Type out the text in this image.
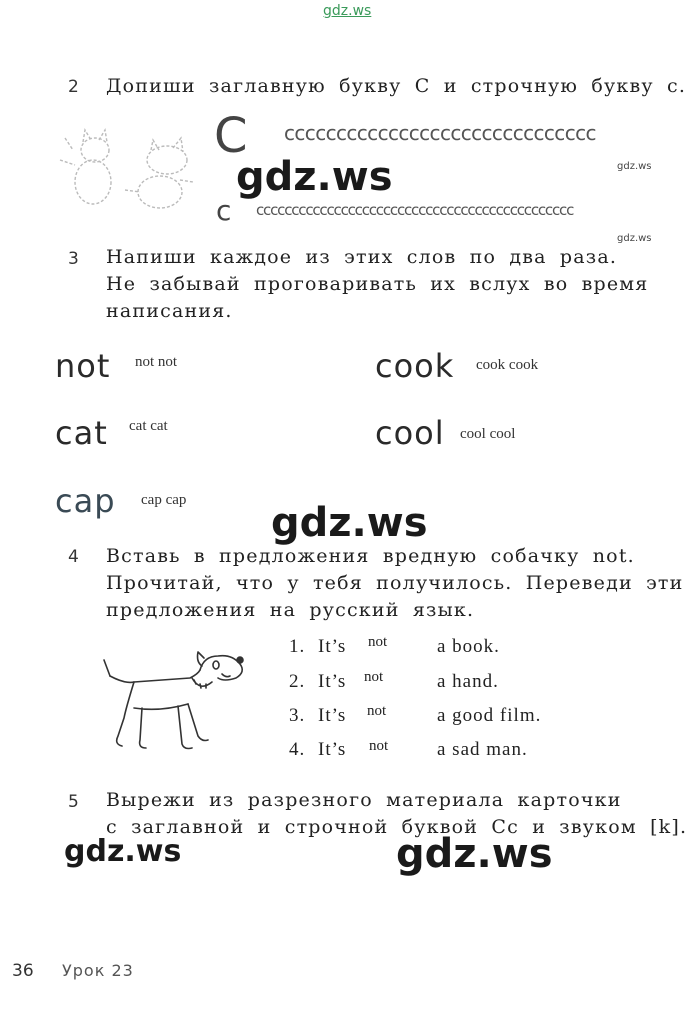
gdz.ws
2 Допиши заглавную букву С и строчную букву с.
С cccccccccccccccccccccccccccccc
gdz.ws
с ccccccccccccccccccccccccccccccccccccccccccccc
gdz.ws
gdz.ws
3 Напиши каждое из этих слов по два раза.
Не забывай проговаривать их вслух во время
написания.
not not not
cat cat cat
cap cap cap
cook cook cook
cool cool cool
gdz.ws
4 Вставь в предложения вредную собачку not.
Прочитай, что у тебя получилось. Переведи эти
предложения на русский язык.
1. It’s not	a book.
2. It’s not	a hand.
3. It’s not	a good film.
4. It’s not	a sad man.
5 Вырежи из разрезного материала карточки
с заглавной и строчной буквой Сс и звуком [k].
gdz.ws	gdz.ws
36 Урок 23
